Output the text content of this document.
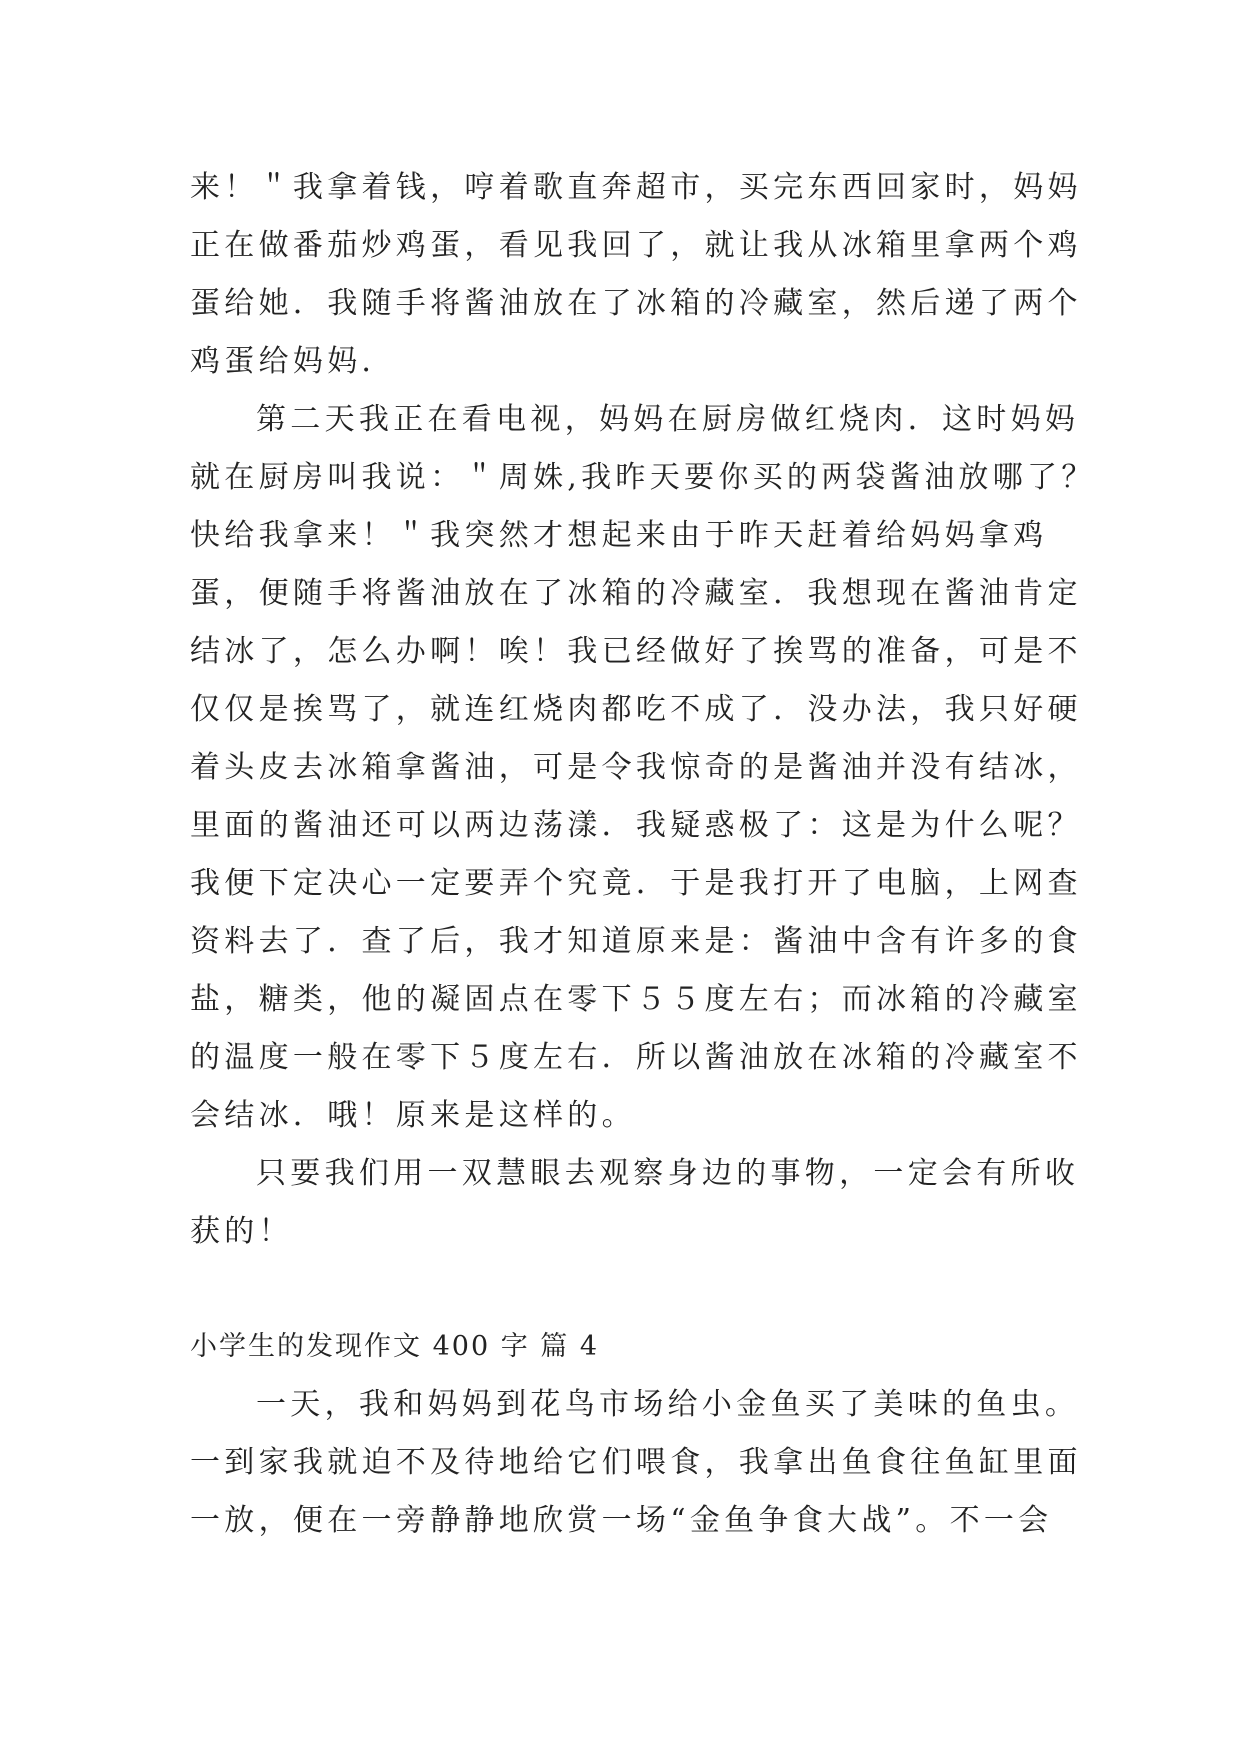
来！＂我拿着钱，哼着歌直奔超市，买完东西回家时，妈妈
正在做番茄炒鸡蛋，看见我回了，就让我从冰箱里拿两个鸡
蛋给她．我随手将酱油放在了冰箱的冷藏室，然后递了两个
鸡蛋给妈妈．
第二天我正在看电视，妈妈在厨房做红烧肉．这时妈妈
就在厨房叫我说：＂周姝,我昨天要你买的两袋酱油放哪了？
快给我拿来！＂我突然才想起来由于昨天赶着给妈妈拿鸡
蛋，便随手将酱油放在了冰箱的冷藏室．我想现在酱油肯定
结冰了，怎么办啊！唉！我已经做好了挨骂的准备，可是不
仅仅是挨骂了，就连红烧肉都吃不成了．没办法，我只好硬
着头皮去冰箱拿酱油，可是令我惊奇的是酱油并没有结冰，
里面的酱油还可以两边荡漾．我疑惑极了：这是为什么呢？
我便下定决心一定要弄个究竟．于是我打开了电脑，上网查
资料去了．查了后，我才知道原来是：酱油中含有许多的食
盐，糖类，他的凝固点在零下５５度左右；而冰箱的冷藏室
的温度一般在零下５度左右．所以酱油放在冰箱的冷藏室不
会结冰．哦！原来是这样的。
只要我们用一双慧眼去观察身边的事物，一定会有所收
获的！
小学生的发现作文 400 字 篇 4
一天，我和妈妈到花鸟市场给小金鱼买了美味的鱼虫。
一到家我就迫不及待地给它们喂食，我拿出鱼食往鱼缸里面
一放，便在一旁静静地欣赏一场“金鱼争食大战”。不一会
